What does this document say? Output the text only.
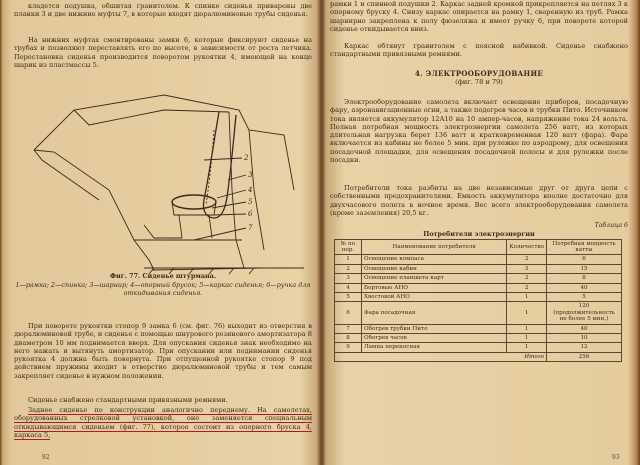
кладется подушка, обшитая гранитолем. К спинке сиденья приварены две планки 3 и две нижние муфты 7, в которые входят дюралюминовые трубы сиденья.

На нижних муфтах смонтированы замки 6, которые фиксируют сиденье на трубах и позволяют переставлять его по высоте, в зависимости от роста летчика. Перестановка сиденья производится поворотом рукоятки 4, имеющей на конце шарик из пластмассы 5.

2
3
4
5
6
7
Фиг. 77. Сиденье штурмана.
1—рамка; 2—спинка; 3—шарнир; 4—опорный брусок; 5—каркас сиденья; 6—ручка для откидывания сиденья.

При повороте рукоятки стопор 9 замка 6 (см. фиг. 76) выходит из отверстия в дюралюминовой трубе, и сиденье с помощью шнурового резинового амортизатора 8 диаметром 10 мм поднимается вверх. Для опускания сиденья знак необходимо на него нажать и вытянуть амортизатор. При опускании или поднимании сиденья рукоятка 4 должна быть повернута. При отпущенной рукоятке стопор 9 под действием пружины входит в отверстие дюралюминовой трубы и тем самым закрепляет сиденье в нужном положении.

Сиденье снабжено стандартными привязными ремнями.

Заднее сиденье по конструкции аналогично переднему. На самолетах, оборудованных стрелковой установкой, оно заменяется специальным откидывающимся сиденьем (фиг. 77), которое состоит из опорного бруска 4, каркаса 5,

92

рамки 1 и спинной подушки 2. Каркас задней кромкой прикрепляется на петлях 3 к опорному бруску 4. Снизу каркас опирается на рамку 1, сваренную из труб. Рамка шарнирно закреплена к полу фюзеляжа и имеет ручку 6, при повороте которой сиденье откидывается вниз.

Каркас обтянут гранитолем с поясной набивкой. Сиденье снабжено стандартными привязными ремнями.

4. ЭЛЕКТРООБОРУДОВАНИЕ
(фиг. 78 и 79)

Электрооборудование самолета включает освещение приборов, посадочную фару, аэронавигационные огни, а также подогрев часов и трубки Пито. Источником тока является аккумулятор 12А10 на 10 ампер-часов, напряжение тока 24 вольта. Полная потребная мощность электроэнергии самолета 256 ватт, из которых длительная нагрузка берет 136 ватт и кратковременная 120 ватт (фара). Фара включается из кабины не более 5 мин. при рулежке по аэродрому, для освещения посадочной площадки, для освещения посадочной полосы и для рулежки после посадки.

Потребители тока разбиты на две независимые друг от друга цепи с собственными предохранителями. Емкость аккумулятора вполне достаточно для двухчасового полета в ночное время. Вес всего электрооборудования самолета (кроме заземления) 20,5 кг.

Таблица 6
Потребители электроэнергии
№ по пор.	Наименование потребителя	Количество	Потребная мощность ватты
1	Освещение компаса	2	6
2	Освещение кабин	3	15
3	Освещение планшета карт	2	8
4	Бортовые АНО	2	40
5	Хвостовой АНО	1	5
6	Фара посадочная	1	120 (продолжительность не более 5 мин.)
7	Обогрев трубки Пито	1	40
8	Обогрев часов	1	10
9	Лампа переносная	1	12
Итого			256
93
